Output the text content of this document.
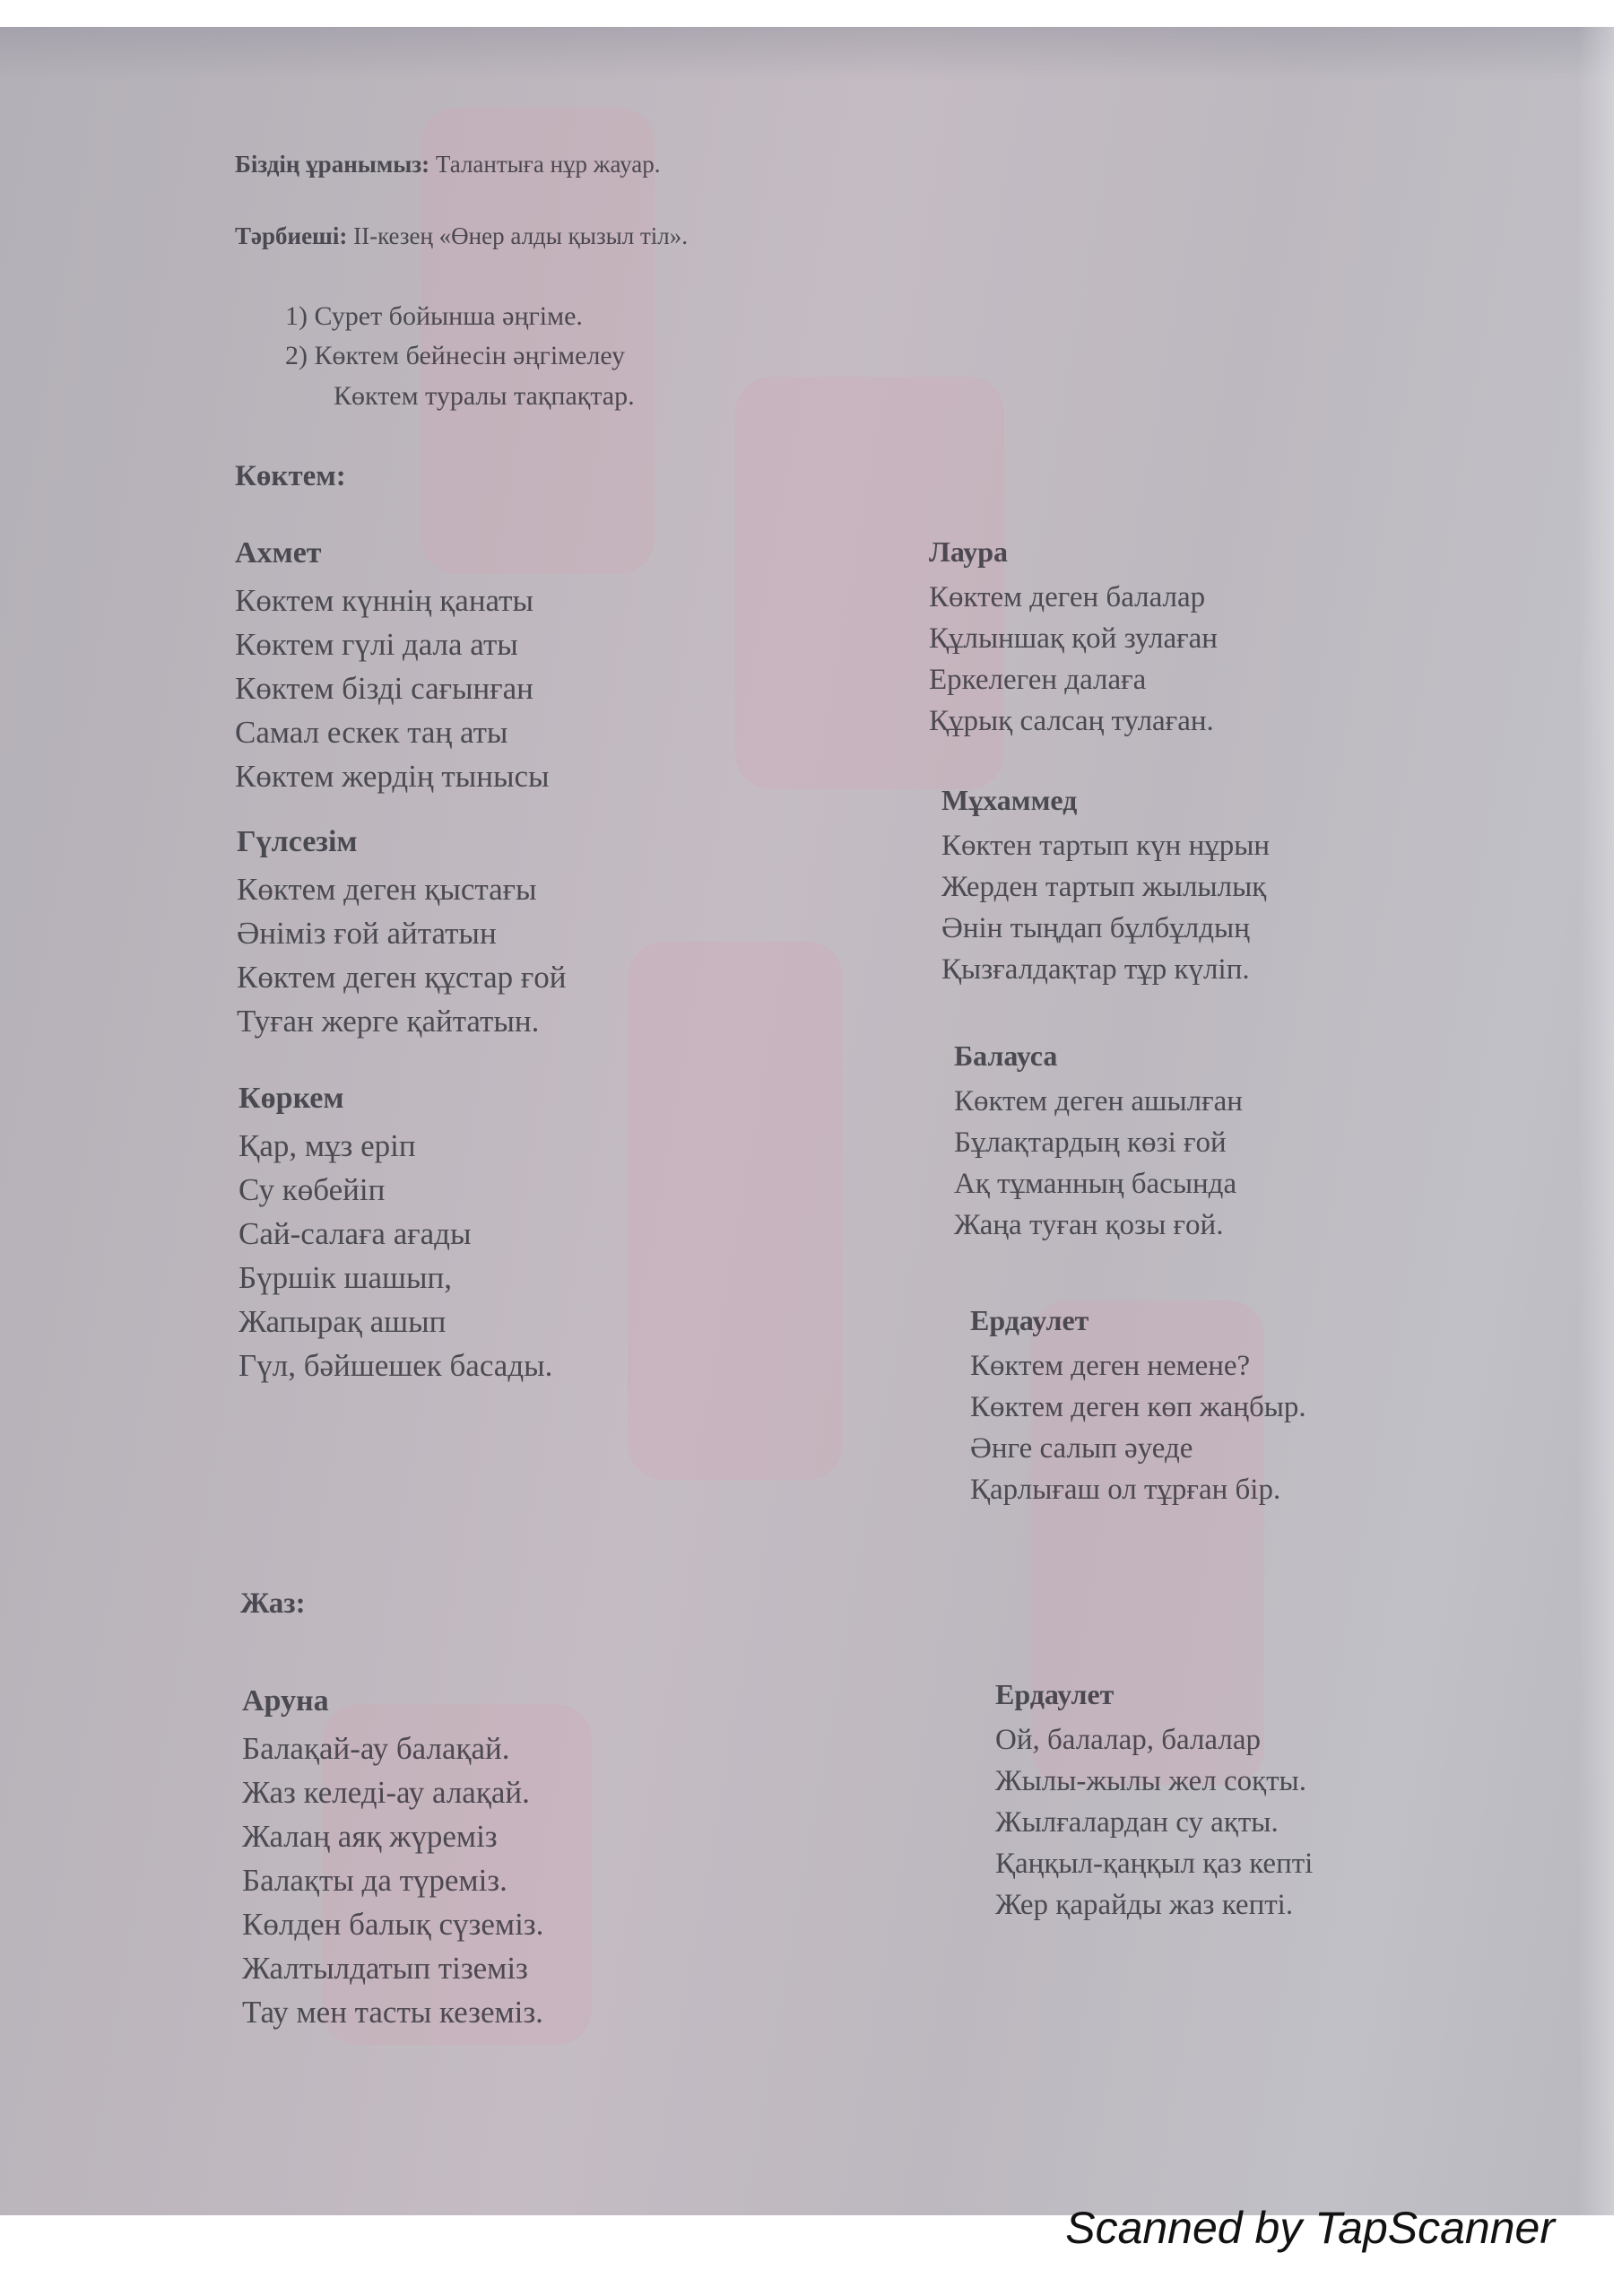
Біздің ұранымыз: Талантыға нұр жауар.
Тәрбиеші: ІІ-кезең «Өнер алды қызыл тіл».
1) Сурет бойынша әңгіме.
2) Көктем бейнесін әңгімелеу
Көктем туралы тақпақтар.
Көктем:
Ахмет
Көктем күннің қанаты
Көктем гүлі дала аты
Көктем бізді сағынған
Самал ескек таң аты
Көктем жердің тынысы
Гүлсезім
Көктем деген қыстағы
Әніміз ғой айтатын
Көктем деген құстар ғой
Туған жерге қайтатын.
Көркем
Қар, мұз еріп
Су көбейіп
Сай-салаға ағады
Бүршік шашып,
Жапырақ ашып
Гүл, бәйшешек басады.
Лаура
Көктем деген балалар
Құлыншақ қой зулаған
Еркелеген далаға
Құрық салсаң тулаған.
Мұхаммед
Көктен тартып күн нұрын
Жерден тартып жылылық
Әнін тыңдап бұлбұлдың
Қызғалдақтар тұр күліп.
Балауса
Көктем деген ашылған
Бұлақтардың көзі ғой
Ақ тұманның басында
Жаңа туған қозы ғой.
Ердаулет
Көктем деген немене?
Көктем деген көп жаңбыр.
Әнге салып әуеде
Қарлығаш ол тұрған бір.
Жаз:
Аруна
Балақай-ау балақай.
Жаз келеді-ау алақай.
Жалаң аяқ жүреміз
Балақты да түреміз.
Көлден балық сүземіз.
Жалтылдатып тіземіз
Тау мен тасты кеземіз.
Ердаулет
Ой, балалар, балалар
Жылы-жылы жел соқты.
Жылғалардан су ақты.
Қаңқыл-қаңқыл қаз кепті
Жер қарайды жаз кепті.
Scanned by TapScanner
